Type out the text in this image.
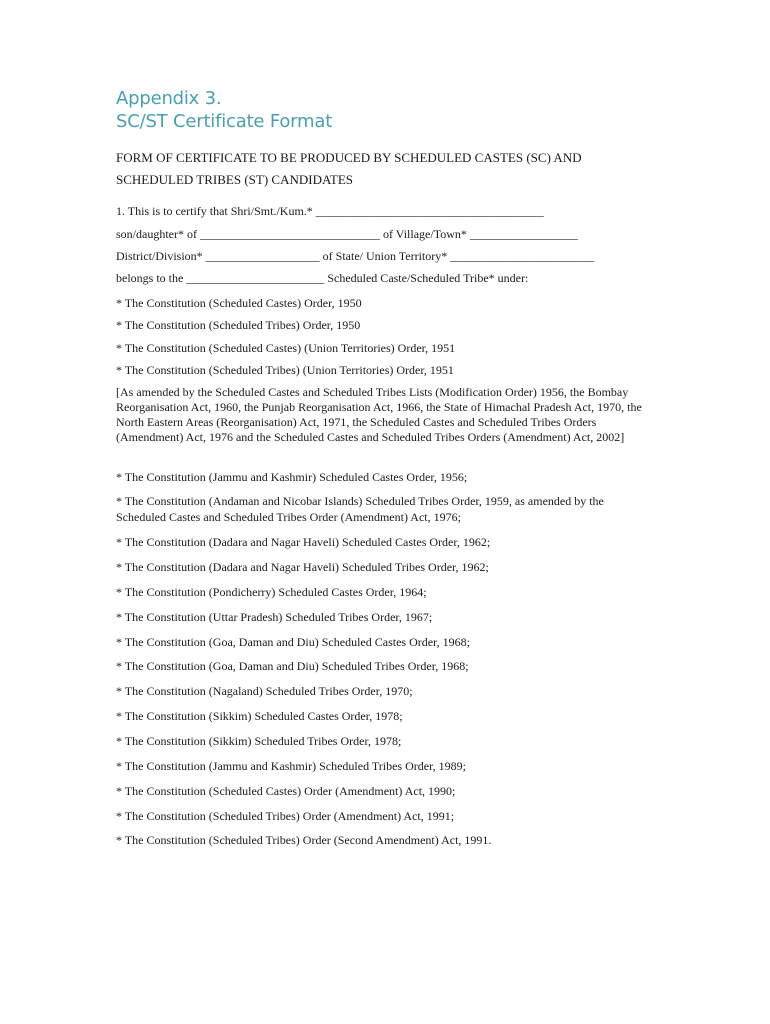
Appendix 3.
SC/ST Certificate Format
FORM OF CERTIFICATE TO BE PRODUCED BY SCHEDULED CASTES (SC) AND
SCHEDULED TRIBES (ST) CANDIDATES
1. This is to certify that Shri/Smt./Kum.* ______________________________________
son/daughter* of ______________________________ of Village/Town* __________________
District/Division* ___________________ of State/ Union Territory* ________________________
belongs to the _______________________ Scheduled Caste/Scheduled Tribe* under:
* The Constitution (Scheduled Castes) Order, 1950
* The Constitution (Scheduled Tribes) Order, 1950
* The Constitution (Scheduled Castes) (Union Territories) Order, 1951
* The Constitution (Scheduled Tribes) (Union Territories) Order, 1951
[As amended by the Scheduled Castes and Scheduled Tribes Lists (Modification Order) 1956, the Bombay Reorganisation Act, 1960, the Punjab Reorganisation Act, 1966, the State of Himachal Pradesh Act, 1970, the North Eastern Areas (Reorganisation) Act, 1971, the Scheduled Castes and Scheduled Tribes Orders (Amendment) Act, 1976 and the Scheduled Castes and Scheduled Tribes Orders (Amendment) Act, 2002]
* The Constitution (Jammu and Kashmir) Scheduled Castes Order, 1956;
* The Constitution (Andaman and Nicobar Islands) Scheduled Tribes Order, 1959, as amended by the Scheduled Castes and Scheduled Tribes Order (Amendment) Act, 1976;
* The Constitution (Dadara and Nagar Haveli) Scheduled Castes Order, 1962;
* The Constitution (Dadara and Nagar Haveli) Scheduled Tribes Order, 1962;
* The Constitution (Pondicherry) Scheduled Castes Order, 1964;
* The Constitution (Uttar Pradesh) Scheduled Tribes Order, 1967;
* The Constitution (Goa, Daman and Diu) Scheduled Castes Order, 1968;
* The Constitution (Goa, Daman and Diu) Scheduled Tribes Order, 1968;
* The Constitution (Nagaland) Scheduled Tribes Order, 1970;
* The Constitution (Sikkim) Scheduled Castes Order, 1978;
* The Constitution (Sikkim) Scheduled Tribes Order, 1978;
* The Constitution (Jammu and Kashmir) Scheduled Tribes Order, 1989;
* The Constitution (Scheduled Castes) Order (Amendment) Act, 1990;
* The Constitution (Scheduled Tribes) Order (Amendment) Act, 1991;
* The Constitution (Scheduled Tribes) Order (Second Amendment) Act, 1991.
